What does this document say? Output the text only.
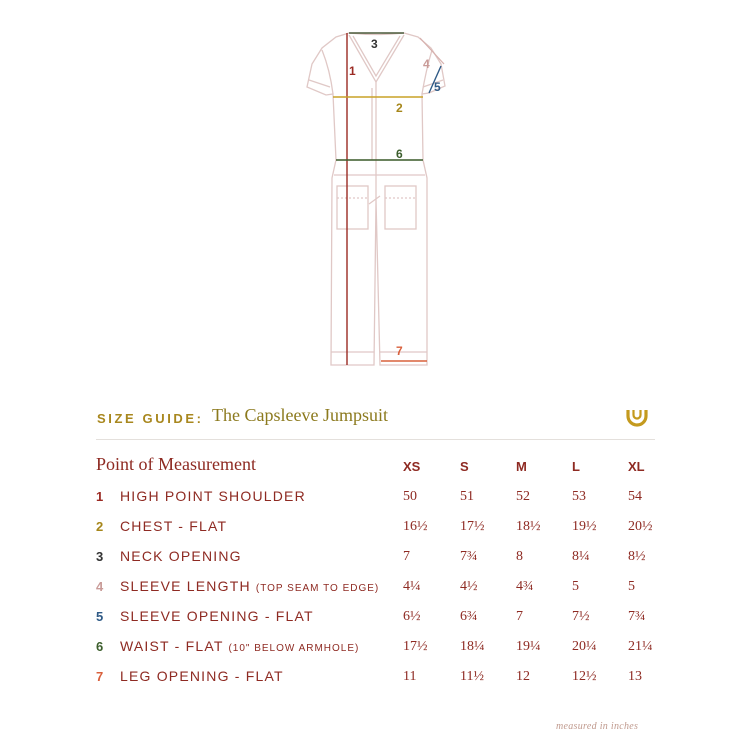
1
2
3
4
5
6
7
SIZE GUIDE: The Capsleeve Jumpsuit
Point of Measurement	XS	S	M	L	XL
1 HIGH POINT SHOULDER	50	51	52	53	54
2 CHEST - FLAT	16½ 17½ 18½ 19½ 20½
3 NECK OPENING	7	7¾	8	8¼	8½
4 SLEEVE LENGTH (TOP SEAM TO EDGE) 4¼	4½	4¾	5	5
5 SLEEVE OPENING - FLAT	6½	6¾	7	7½	7¾
6 WAIST - FLAT (10" BELOW ARMHOLE)	17½ 18¼ 19¼ 20¼ 21¼
7 LEG OPENING - FLAT	11	11½ 12	12½ 13
measured in inches
